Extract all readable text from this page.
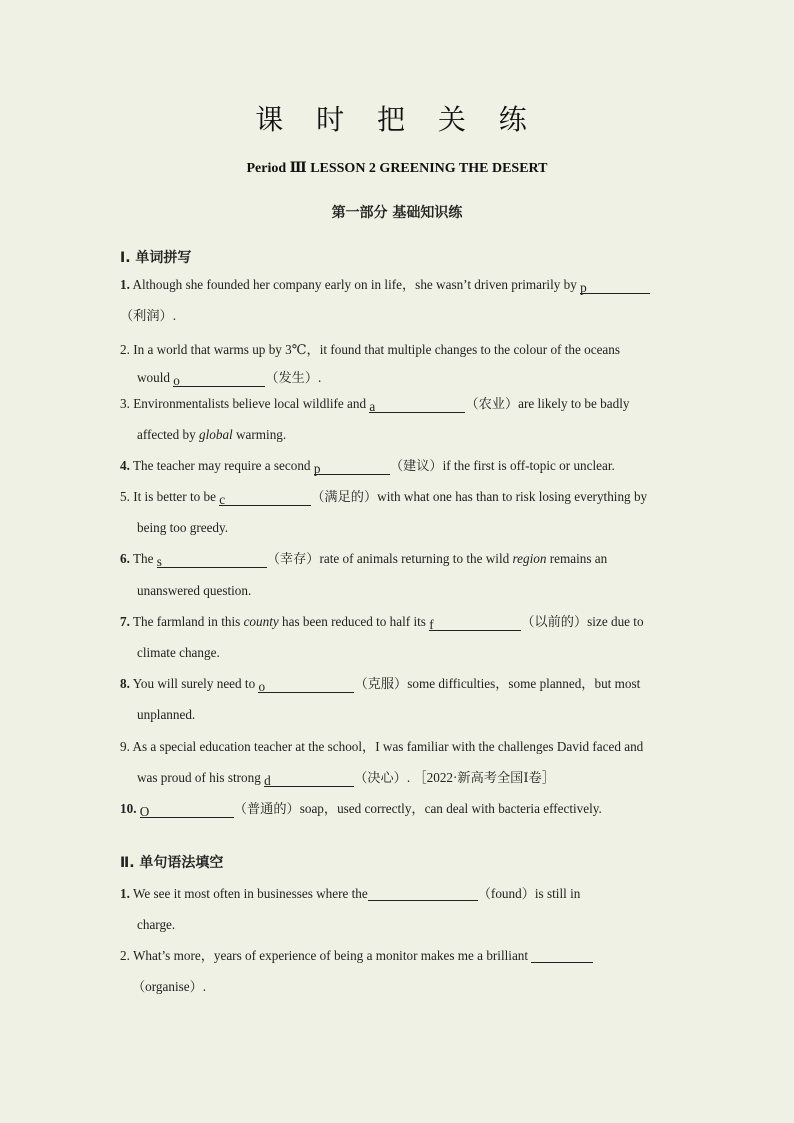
课 时 把 关 练
Period Ⅲ LESSON 2 GREENING THE DESERT
第一部分 基础知识练
Ⅰ. 单词拼写
1. Although she founded her company early on in life，she wasn’t driven primarily by p
（利润）.
2. In a world that warms up by 3℃，it found that multiple changes to the colour of the oceans
would o	（发生）.
3. Environmentalists believe local wildlife and a	（农业）are likely to be badly
affected by global warming.
4. The teacher may require a second p	（建议）if the first is off-topic or unclear.
5. It is better to be c	（满足的）with what one has than to risk losing everything by
being too greedy.
6. The s	（幸存）rate of animals returning to the wild region remains an
unanswered question.
7. The farmland in this county has been reduced to half its f	（以前的）size due to
climate change.
8. You will surely need to o	（克服）some difficulties，some planned，but most
unplanned.
9. As a special education teacher at the school，I was familiar with the challenges David faced and
was proud of his strong d	（决心）. ［2022·新高考全国Ⅰ卷］
10. O	（普通的）soap，used correctly，can deal with bacteria effectively.
Ⅱ. 单句语法填空
1. We see it most often in businesses where the	（found）is still in
charge.
2. What’s more，years of experience of being a monitor makes me a brilliant
（organise）.
